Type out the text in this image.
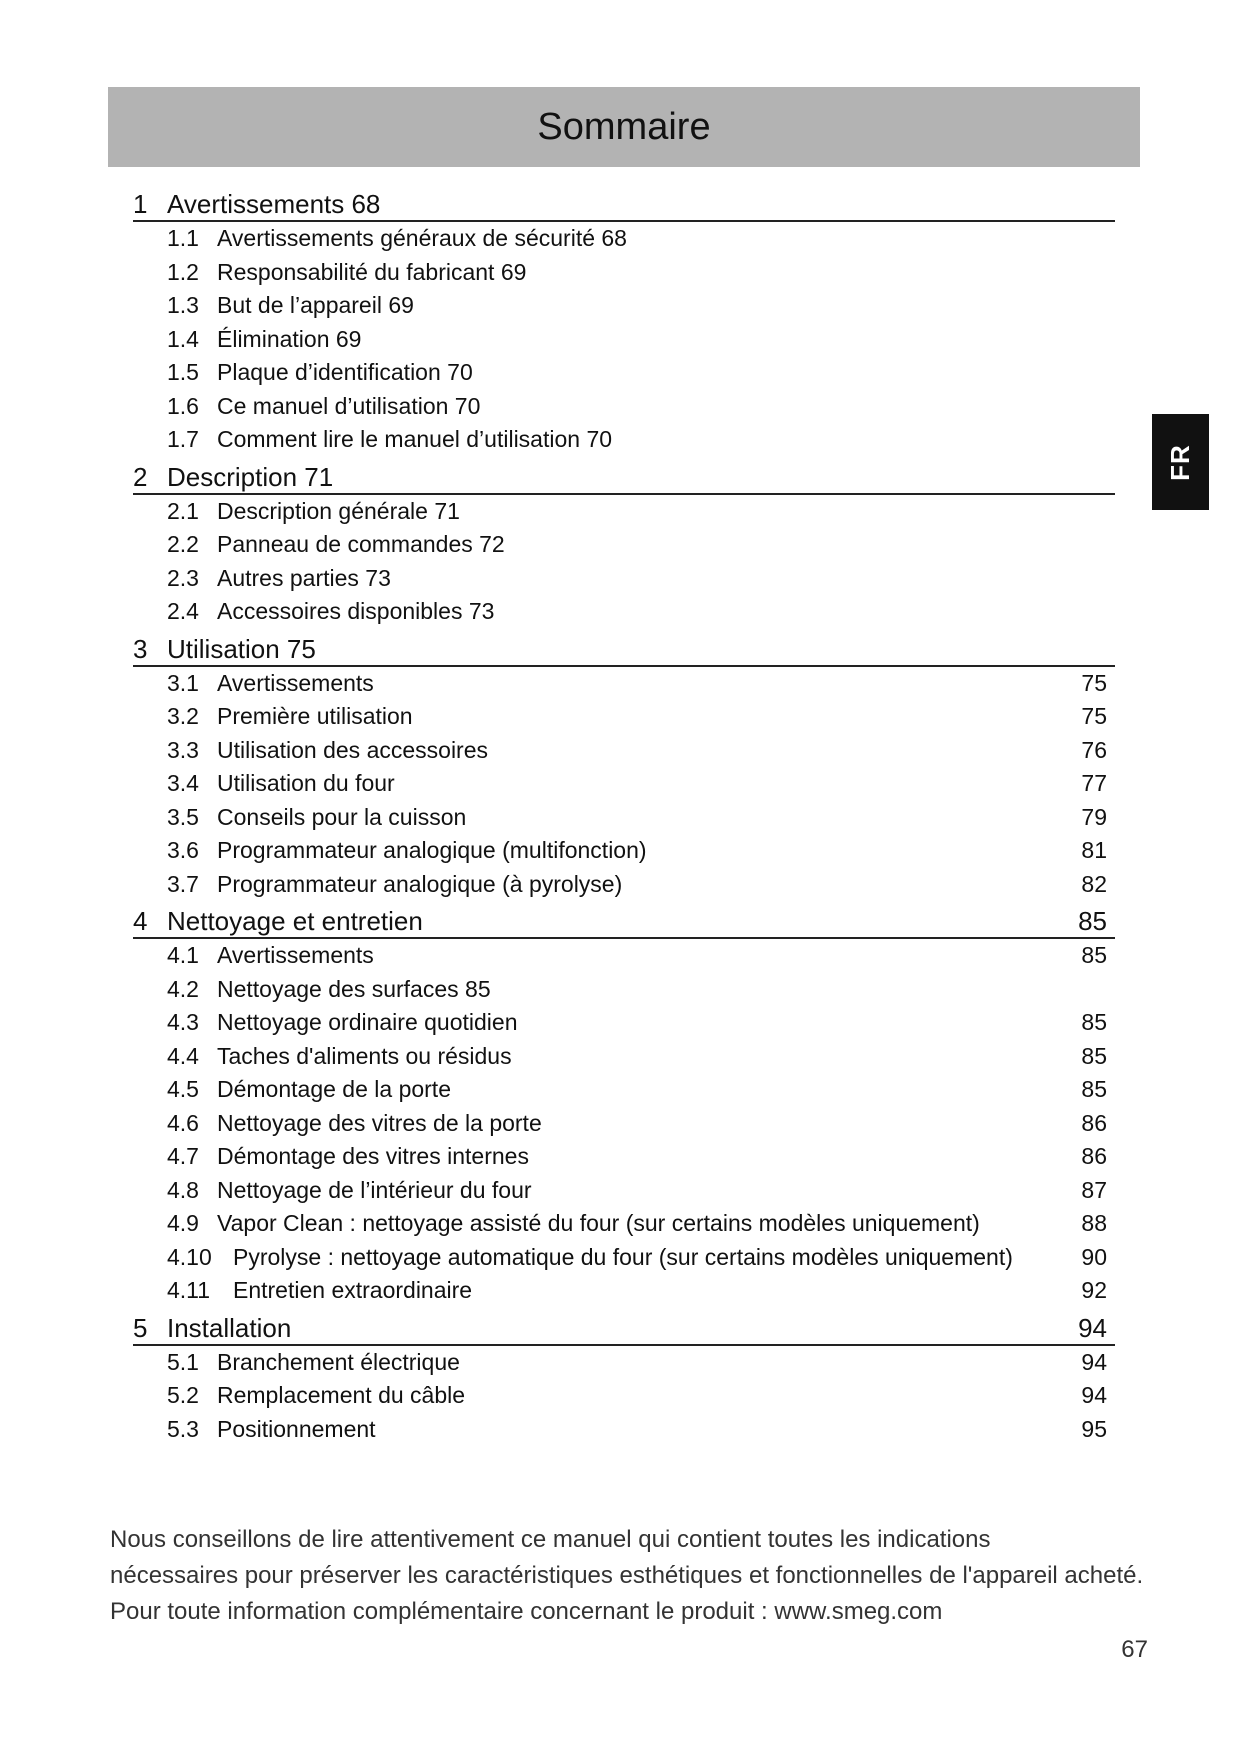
Sommaire
FR
1 Avertissements 68
1.1 Avertissements généraux de sécurité 68
1.2 Responsabilité du fabricant 69
1.3 But de l’appareil 69
1.4 Élimination 69
1.5 Plaque d’identification 70
1.6 Ce manuel d’utilisation 70
1.7 Comment lire le manuel d’utilisation 70
2 Description 71
2.1 Description générale 71
2.2 Panneau de commandes 72
2.3 Autres parties 73
2.4 Accessoires disponibles 73
3 Utilisation 75
3.1 Avertissements	75
3.2 Première utilisation	75
3.3 Utilisation des accessoires	76
3.4 Utilisation du four	77
3.5 Conseils pour la cuisson	79
3.6 Programmateur analogique (multifonction)	81
3.7 Programmateur analogique (à pyrolyse)	82
4 Nettoyage et entretien	85
4.1 Avertissements	85
4.2 Nettoyage des surfaces 85
4.3 Nettoyage ordinaire quotidien	85
4.4 Taches d'aliments ou résidus	85
4.5 Démontage de la porte	85
4.6 Nettoyage des vitres de la porte	86
4.7 Démontage des vitres internes	86
4.8 Nettoyage de l’intérieur du four	87
4.9 Vapor Clean : nettoyage assisté du four (sur certains modèles uniquement)	88
4.10 Pyrolyse : nettoyage automatique du four (sur certains modèles uniquement)	90
4.11 Entretien extraordinaire	92
5 Installation	94
5.1 Branchement électrique	94
5.2 Remplacement du câble	94
5.3 Positionnement	95
Nous conseillons de lire attentivement ce manuel qui contient toutes les indications
nécessaires pour préserver les caractéristiques esthétiques et fonctionnelles de l'appareil acheté.
Pour toute information complémentaire concernant le produit : www.smeg.com
67
